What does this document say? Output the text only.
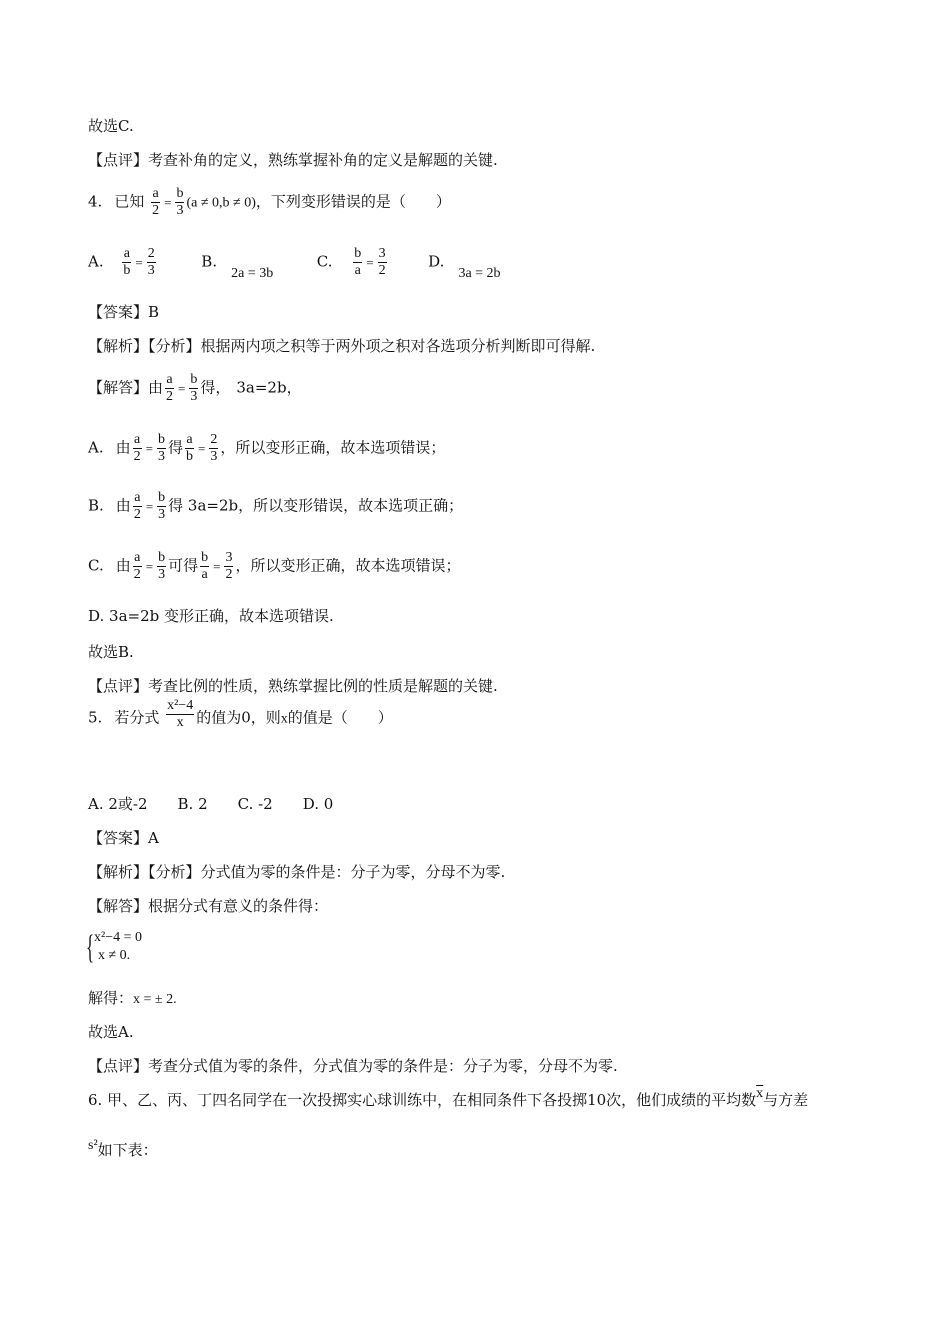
故选C.
【点评】考查补角的定义，熟练掌握补角的定义是解题的关键.
4. 已知 $\frac{a}{2} = \frac{b}{3} (a \ne 0,b \ne 0)$，下列变形错误的是（　　）
A. $\frac{a}{b} = \frac{2}{3}$	B.2a = 3b  C. $\frac{b}{a} = \frac{3}{2}$	D.3a = 2b
【答案】B
【解析】【分析】根据两内项之积等于两外项之积对各选项分析判断即可得解.
【解答】由 $\frac{a}{2} = \frac{b}{3}$ 得， 3a=2b，
A. 由 $\frac{a}{2} = \frac{b}{3}$ 得 $\frac{a}{b} = \frac{2}{3}$ ，所以变形正确，故本选项错误；
B. 由 $\frac{a}{2} = \frac{b}{3}$ 得 3a=2b，所以变形错误，故本选项正确；
C. 由 $\frac{a}{2} = \frac{b}{3}$ 可得 $\frac{b}{a} = \frac{3}{2}$ ，所以变形正确，故本选项错误；
D. 3a=2b 变形正确，故本选项错误.
故选B.
【点评】考查比例的性质，熟练掌握比例的性质是解题的关键.
5. 若分式 $\frac{\text{x²−4}}{x}$ 的值为0，则x的值是（　　）
A. 2或-2　　B. 2　　C. -2　　D. 0
【答案】A
【解析】【分析】分式值为零的条件是：分子为零，分母不为零.
【解答】根据分式有意义的条件得：
{ x²−4 = 0
x ≠ 0.
解得：x = ± 2.
故选A.
【点评】考查分式值为零的条件，分式值为零的条件是：分子为零，分母不为零.
6. 甲、乙、丙、丁四名同学在一次投掷实心球训练中，在相同条件下各投掷10次，他们成绩的平均数$\overline{x}$与方差
s²如下表：
